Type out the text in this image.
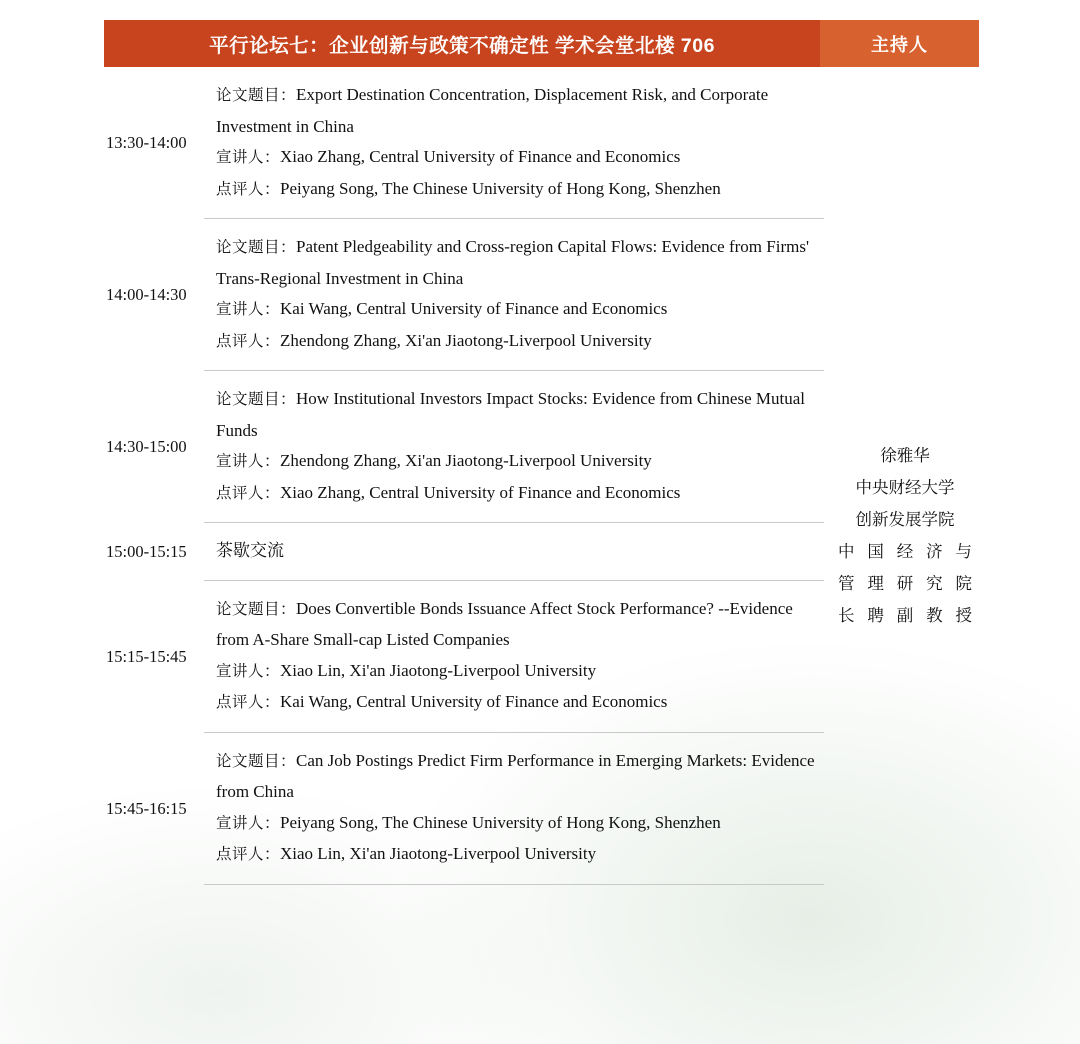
平行论坛七：企业创新与政策不确定性 学术会堂北楼 706	主持人
13:30-14:00
论文题目：Export Destination Concentration, Displacement Risk, and Corporate Investment in China
宣讲人：Xiao Zhang, Central University of Finance and Economics
点评人：Peiyang Song, The Chinese University of Hong Kong, Shenzhen
14:00-14:30
论文题目：Patent Pledgeability and Cross-region Capital Flows: Evidence from Firms' Trans-Regional Investment in China
宣讲人：Kai Wang, Central University of Finance and Economics
点评人：Zhendong Zhang, Xi'an Jiaotong-Liverpool University
14:30-15:00
论文题目：How Institutional Investors Impact Stocks: Evidence from Chinese Mutual Funds
宣讲人：Zhendong Zhang, Xi'an Jiaotong-Liverpool University
点评人：Xiao Zhang, Central University of Finance and Economics
15:00-15:15	茶歇交流
15:15-15:45
论文题目：Does Convertible Bonds Issuance Affect Stock Performance? --Evidence from A-Share Small-cap Listed Companies
宣讲人：Xiao Lin, Xi'an Jiaotong-Liverpool University
点评人：Kai Wang, Central University of Finance and Economics
15:45-16:15
论文题目：Can Job Postings Predict Firm Performance in Emerging Markets: Evidence from China
宣讲人：Peiyang Song, The Chinese University of Hong Kong, Shenzhen
点评人：Xiao Lin, Xi'an Jiaotong-Liverpool University
徐雅华
中央财经大学
创新发展学院
中国经济与
管理研究院
长聘副教授
